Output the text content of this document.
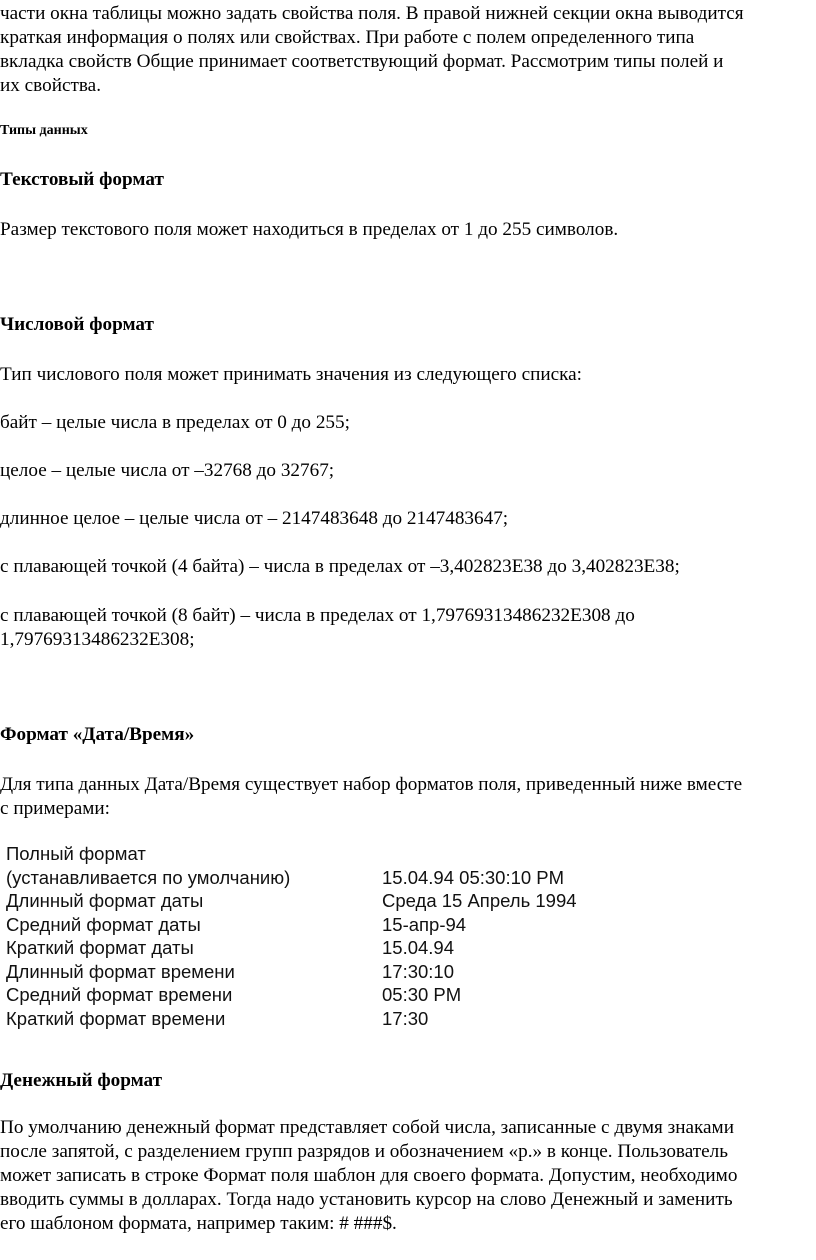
части окна таблицы можно задать свойства поля. В правой нижней секции окна выводится

краткая информация о полях или свойствах. При работе с полем определенного типа

вкладка свойств Общие принимает соответствующий формат. Рассмотрим типы полей и

их свойства.

Типы данных

Текстовый формат

Размер текстового поля может находиться в пределах от 1 до 255 символов.

Числовой формат

Тип числового поля может принимать значения из следующего списка:

байт – целые числа в пределах от 0 до 255;

целое – целые числа от –32768 до 32767;

длинное целое – целые числа от – 2147483648 до 2147483647;

с плавающей точкой (4 байта) – числа в пределах от –3,402823Е38 до 3,402823Е38;

с плавающей точкой (8 байт) – числа в пределах от 1,79769313486232Е308 до

1,79769313486232Е308;

Формат «Дата/Время»

Для типа данных Дата/Время существует набор форматов поля, приведенный ниже вместе

с примерами:

Полный формат
(устанавливается по умолчанию)	15.04.94 05:30:10 PM
Длинный формат даты	Среда 15 Апрель 1994
Средний формат даты	15-апр-94
Краткий формат даты	15.04.94
Длинный формат времени	17:30:10
Средний формат времени	05:30 PM
Краткий формат времени	17:30

Денежный формат

По умолчанию денежный формат представляет собой числа, записанные с двумя знаками

после запятой, с разделением групп разрядов и обозначением «р.» в конце. Пользователь

может записать в строке Формат поля шаблон для своего формата. Допустим, необходимо

вводить суммы в долларах. Тогда надо установить курсор на слово Денежный и заменить

его шаблоном формата, например таким: # ###$.
